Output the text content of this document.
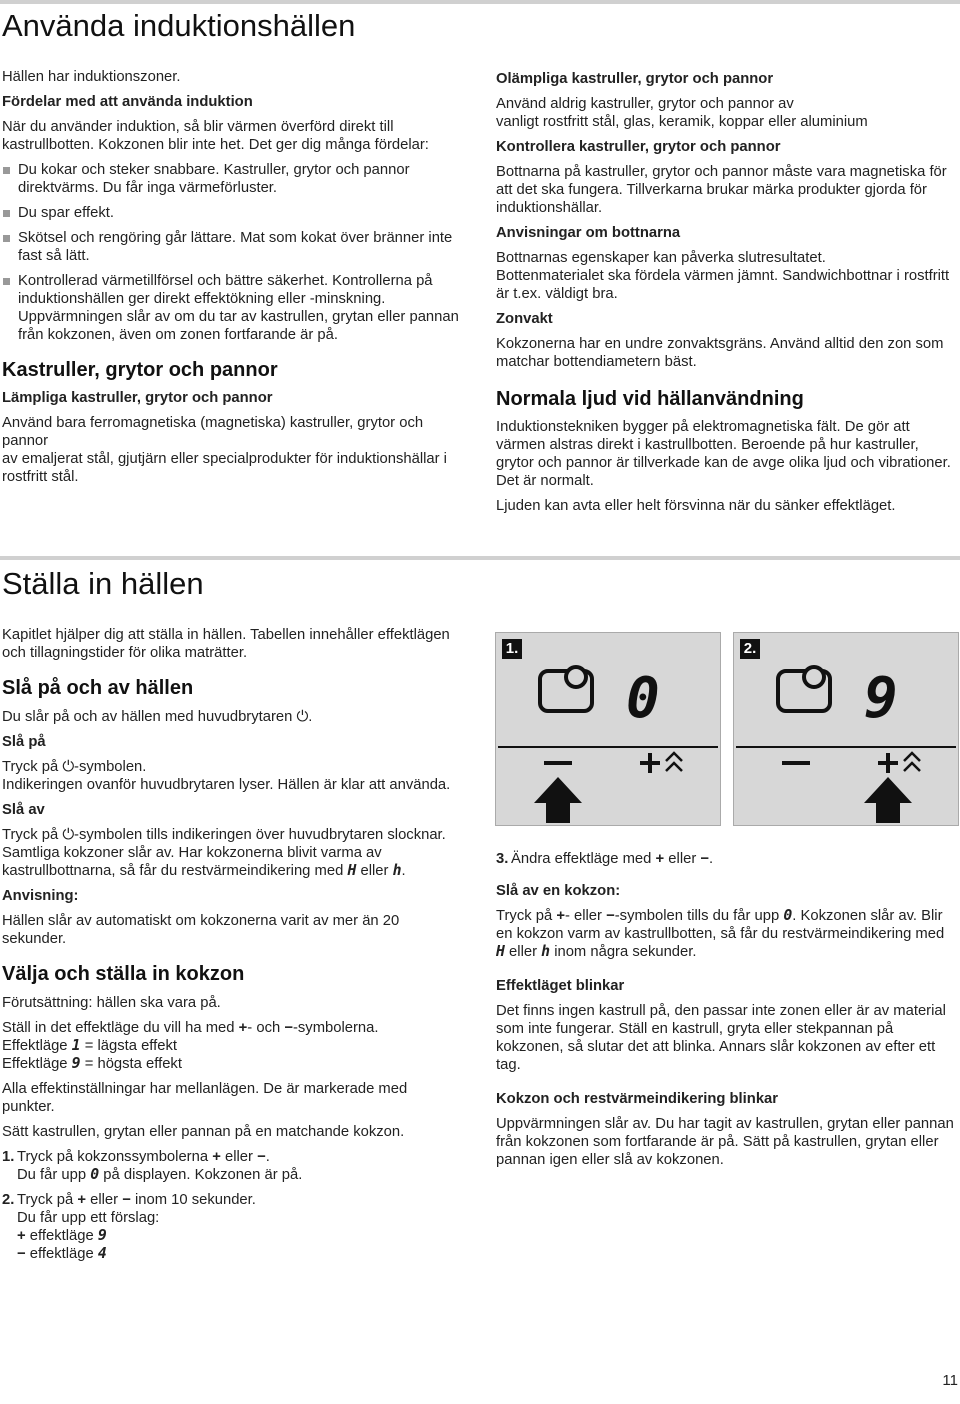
Använda induktionshällen

Hällen har induktionszoner.

Fördelar med att använda induktion

När du använder induktion, så blir värmen överförd direkt till kastrullbotten. Kokzonen blir inte het. Det ger dig många fördelar:

Du kokar och steker snabbare. Kastruller, grytor och pannor direktvärms. Du får inga värmeförluster.
Du spar effekt.
Skötsel och rengöring går lättare. Mat som kokat över bränner inte fast så lätt.
Kontrollerad värmetillförsel och bättre säkerhet. Kontrollerna på induktionshällen ger direkt effektökning eller -minskning. Uppvärmningen slår av om du tar av kastrullen, grytan eller pannan från kokzonen, även om zonen fortfarande är på.

Kastruller, grytor och pannor

Lämpliga kastruller, grytor och pannor

Använd bara ferromagnetiska (magnetiska) kastruller, grytor och pannor

av emaljerat stål, gjutjärn eller specialprodukter för induktionshällar i rostfritt stål.

Olämpliga kastruller, grytor och pannor

Använd aldrig kastruller, grytor och pannor av

vanligt rostfritt stål, glas, keramik, koppar eller aluminium

Kontrollera kastruller, grytor och pannor

Bottnarna på kastruller, grytor och pannor måste vara magnetiska för att det ska fungera. Tillverkarna brukar märka produkter gjorda för induktionshällar.

Anvisningar om bottnarna

Bottnarnas egenskaper kan påverka slutresultatet.

Bottenmaterialet ska fördela värmen jämnt. Sandwichbottnar i rostfritt är t.ex. väldigt bra.

Zonvakt

Kokzonerna har en undre zonvaktsgräns. Använd alltid den zon som matchar bottendiametern bäst.

Normala ljud vid hällanvändning

Induktionstekniken bygger på elektromagnetiska fält. De gör att värmen alstras direkt i kastrullbotten. Beroende på hur kastruller, grytor och pannor är tillverkade kan de avge olika ljud och vibrationer. Det är normalt.

Ljuden kan avta eller helt försvinna när du sänker effektläget.

Ställa in hällen

Kapitlet hjälper dig att ställa in hällen. Tabellen innehåller effektlägen och tillagningstider för olika maträtter.

Slå på och av hällen

Du slår på och av hällen med huvudbrytaren ⏻.

Slå på

Tryck på ⏻-symbolen.

Indikeringen ovanför huvudbrytaren lyser. Hällen är klar att använda.

Slå av

Tryck på ⏻-symbolen tills indikeringen över huvudbrytaren slocknar.

Samtliga kokzoner slår av. Har kokzonerna blivit varma av kastrullbottnarna, så får du restvärmeindikering med H eller h.

Anvisning:

Hällen slår av automatiskt om kokzonerna varit av mer än 20 sekunder.

Välja och ställa in kokzon

Förutsättning: hällen ska vara på.

Ställ in det effektläge du vill ha med +- och −-symbolerna.

Effektläge 1 = lägsta effekt

Effektläge 9 = högsta effekt

Alla effektinställningar har mellanlägen. De är markerade med punkter.

Sätt kastrullen, grytan eller pannan på en matchande kokzon.

1. Tryck på kokzonssymbolerna + eller −.
Du får upp 0 på displayen. Kokzonen är på.
2. Tryck på + eller − inom 10 sekunder.
Du får upp ett förslag:
+ effektläge 9
− effektläge 4
1.
0
2.
9
3. Ändra effektläge med + eller −.

Slå av en kokzon:

Tryck på +- eller −-symbolen tills du får upp 0. Kokzonen slår av. Blir en kokzon varm av kastrullbotten, så får du restvärmeindikering med H eller h inom några sekunder.

Effektläget blinkar

Det finns ingen kastrull på, den passar inte zonen eller är av material som inte fungerar. Ställ en kastrull, gryta eller stekpannan på kokzonen, så slutar det att blinka. Annars slår kokzonen av efter ett tag.

Kokzon och restvärmeindikering blinkar

Uppvärmningen slår av. Du har tagit av kastrullen, grytan eller pannan från kokzonen som fortfarande är på. Sätt på kastrullen, grytan eller pannan igen eller slå av kokzonen.

11
